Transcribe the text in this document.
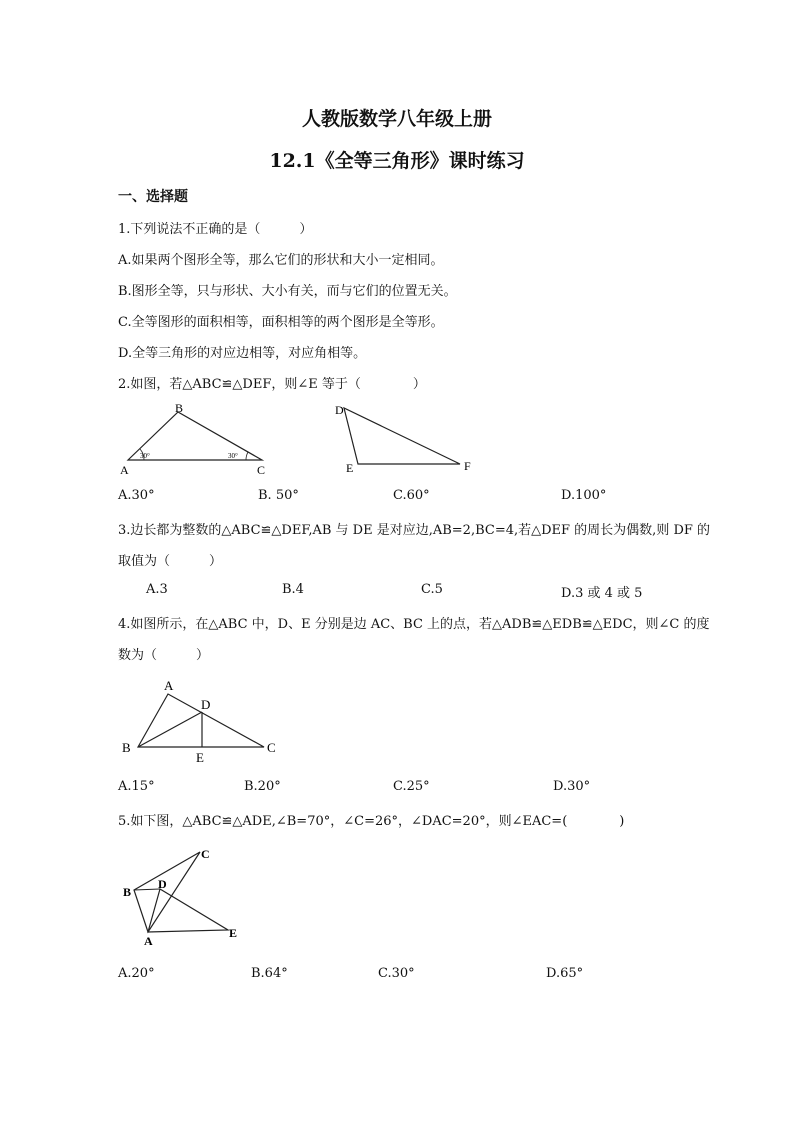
人教版数学八年级上册
12.1《全等三角形》课时练习
一、选择题
1.下列说法不正确的是（　　　）
A.如果两个图形全等，那么它们的形状和大小一定相同。
B.图形全等，只与形状、大小有关，而与它们的位置无关。
C.全等图形的面积相等，面积相等的两个图形是全等形。
D.全等三角形的对应边相等，对应角相等。
2.如图，若△ABC≌△DEF，则∠E 等于（　　　　）
A
B
C
30°	30°
D
E	F
A.30°	B. 50°	C.60°	D.100°
3.边长都为整数的△ABC≌△DEF,AB 与 DE 是对应边,AB=2,BC=4,若△DEF 的周长为偶数,则 DF 的
取值为（　　　）
A.3	B.4	C.5	D.3 或 4 或 5
4.如图所示，在△ABC 中，D、E 分别是边 AC、BC 上的点，若△ADB≌△EDB≌△EDC，则∠C 的度
数为（　　　）
A
B	C
D
E
A.15°	B.20°	C.25°	D.30°
5.如下图，△ABC≌△ADE,∠B=70°，∠C=26°，∠DAC=20°，则∠EAC=(　　　　)
A
B
C
D
E
A.20°	B.64°	C.30°	D.65°
